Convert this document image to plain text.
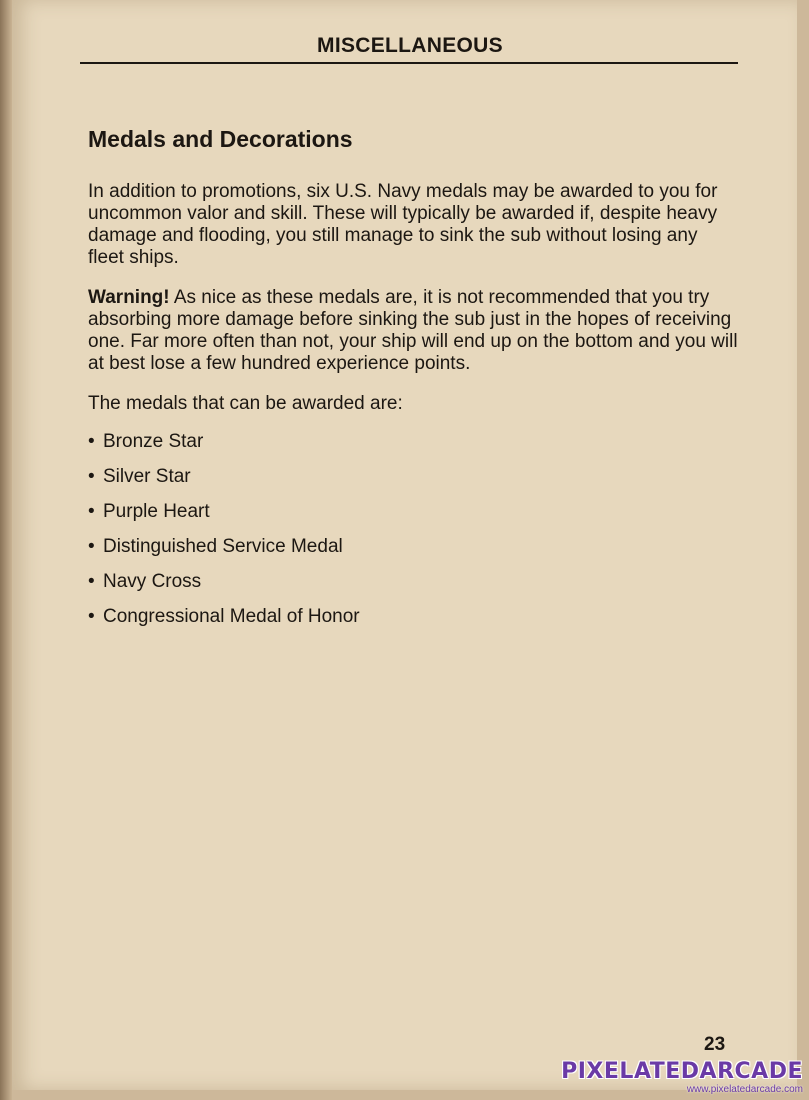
MISCELLANEOUS
Medals and Decorations

In addition to promotions, six U.S. Navy medals may be awarded to you for uncommon valor and skill. These will typically be awarded if, despite heavy damage and flooding, you still manage to sink the sub without losing any fleet ships.

Warning! As nice as these medals are, it is not recommended that you try absorbing more damage before sinking the sub just in the hopes of receiving one. Far more often than not, your ship will end up on the bottom and you will at best lose a few hundred experience points.

The medals that can be awarded are:

• Bronze Star
• Silver Star
• Purple Heart
• Distinguished Service Medal
• Navy Cross
• Congressional Medal of Honor
23
PIXELATEDARCADE
www.pixelatedarcade.com
